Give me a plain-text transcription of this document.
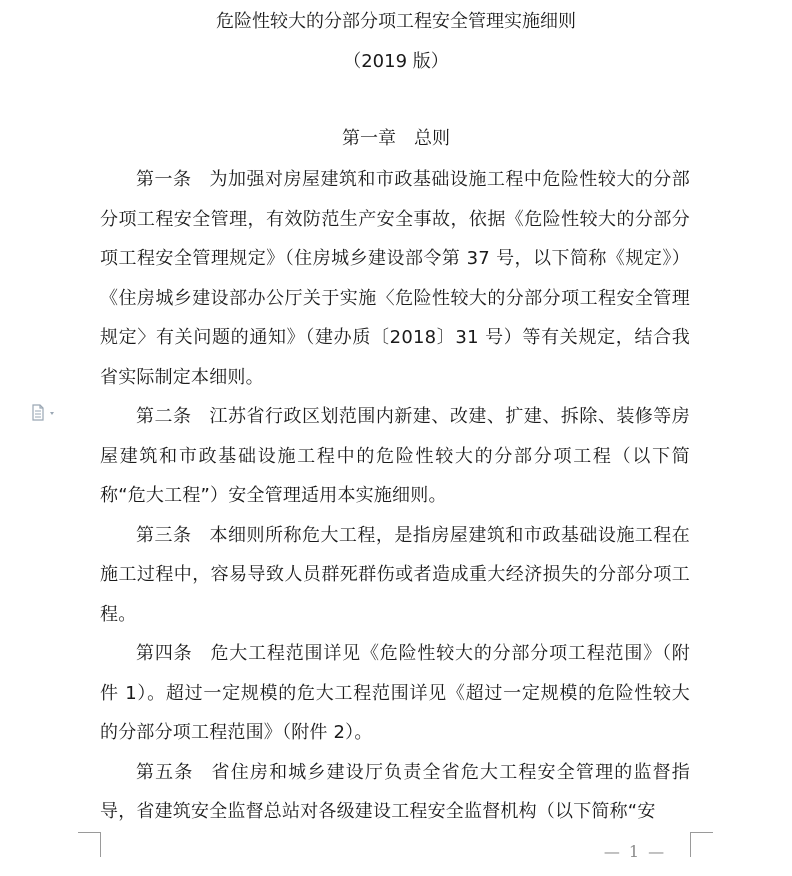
危险性较大的分部分项工程安全管理实施细则
（2019 版）
第一章　总则

第一条 为加强对房屋建筑和市政基础设施工程中危险性较大的分部分项工程安全管理，有效防范生产安全事故，依据《危险性较大的分部分项工程安全管理规定》（住房城乡建设部令第 37 号，以下简称《规定》）《住房城乡建设部办公厅关于实施〈危险性较大的分部分项工程安全管理规定〉有关问题的通知》（建办质〔2018〕31 号）等有关规定，结合我省实际制定本细则。

第二条 江苏省行政区划范围内新建、改建、扩建、拆除、装修等房屋建筑和市政基础设施工程中的危险性较大的分部分项工程（以下简称“危大工程”）安全管理适用本实施细则。

第三条 本细则所称危大工程，是指房屋建筑和市政基础设施工程在施工过程中，容易导致人员群死群伤或者造成重大经济损失的分部分项工程。

第四条 危大工程范围详见《危险性较大的分部分项工程范围》（附件 1）。超过一定规模的危大工程范围详见《超过一定规模的危险性较大的分部分项工程范围》（附件 2）。

第五条 省住房和城乡建设厅负责全省危大工程安全管理的监督指导，省建筑安全监督总站对各级建设工程安全监督机构（以下简称“安

— 1 —
